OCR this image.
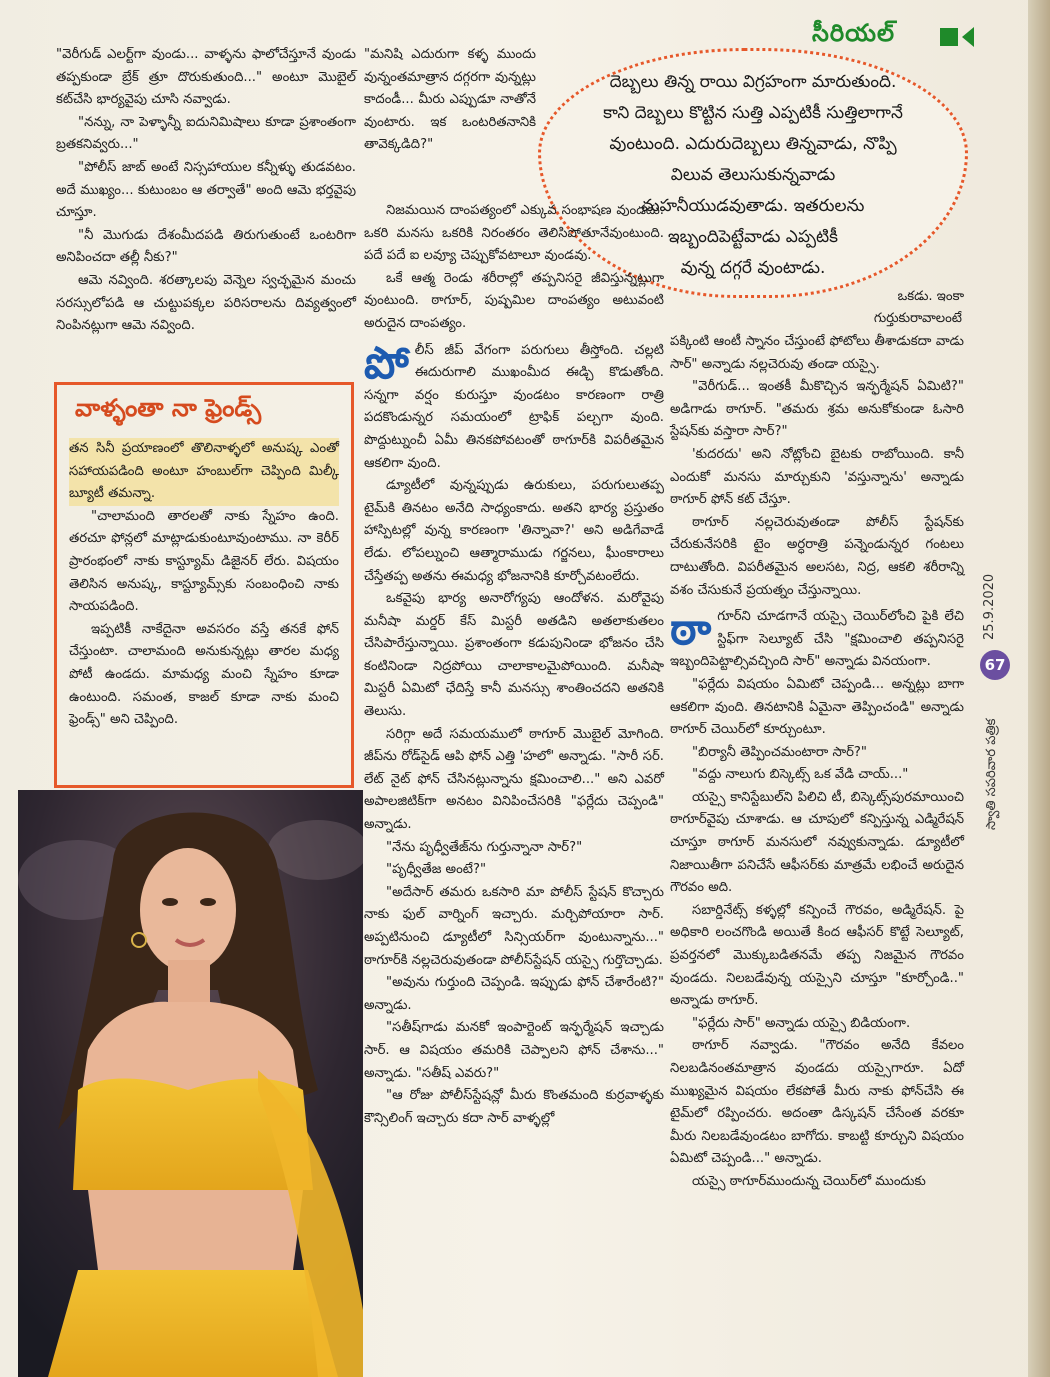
సీరియల్

"వెరీగుడ్ ఎలర్ట్‌గా వుండు... వాళ్ళను ఫాలోచేస్తూనే వుండు తప్పకుండా బ్రేక్ త్రూ దొరుకుతుంది..." అంటూ మొబైల్ కట్‌చేసి భార్యవైపు చూసి నవ్వాడు.

"నన్ను, నా పెళ్ళాన్నీ ఐదునిమిషాలు కూడా ప్రశాంతంగా బ్రతకనివ్వరు..."

"పోలీస్ జాబ్ అంటే నిస్సహాయుల కన్నీళ్ళు తుడవటం. అదే ముఖ్యం... కుటుంబం ఆ తర్వాతే" అంది ఆమె భర్తవైపు చూస్తూ.

"నీ మొగుడు దేశంమీదపడి తిరుగుతుంటే ఒంటరిగా అనిపించదా తల్లీ నీకు?"

ఆమె నవ్వింది. శరత్కాలపు వెన్నెల స్వచ్ఛమైన మంచు సరస్సులోపడి ఆ చుట్టుపక్కల పరిసరాలను దివ్యత్వంలో నింపినట్లుగా ఆమె నవ్వింది.

వాళ్ళంతా నా ఫ్రెండ్స్

తన సినీ ప్రయాణంలో తొలినాళ్ళలో అనుష్క ఎంతో సహాయపడింది అంటూ హంబుల్‌గా చెప్పింది మిల్కీ బ్యూటీ తమన్నా.

"చాలామంది తారలతో నాకు స్నేహం ఉంది. తరచూ ఫోన్లలో మాట్లాడుకుంటూవుంటాము. నా కెరీర్ ప్రారంభంలో నాకు కాస్ట్యూమ్ డిజైనర్ లేరు. విషయం తెలిసిన అనుష్క, కాస్ట్యూమ్స్‌కు సంబంధించి నాకు సాయపడింది.

ఇప్పటికీ నాకేదైనా అవసరం వస్తే తనకే ఫోన్ చేస్తుంటా. చాలామంది అనుకున్నట్లు తారల మధ్య పోటీ ఉండదు. మామధ్య మంచి స్నేహం కూడా ఉంటుంది. సమంత, కాజల్ కూడా నాకు మంచి ఫ్రెండ్స్" అని చెప్పింది.

"మనిషి ఎదురుగా కళ్ళ ముందు వున్నంతమాత్రాన దగ్గరగా వున్నట్లు కాదండీ... మీరు ఎప్పుడూ నాతోనే వుంటారు. ఇక ఒంటరితనానికి తావెక్కడిది?"

దెబ్బలు తిన్న రాయి విగ్రహంగా మారుతుంది.
కాని దెబ్బలు కొట్టిన సుత్తి ఎప్పటికీ సుత్తిలాగానే
వుంటుంది. ఎదురుదెబ్బలు తిన్నవాడు, నొప్పి
విలువ తెలుసుకున్నవాడు
మహనీయుడవుతాడు. ఇతరులను
ఇబ్బందిపెట్టేవాడు ఎప్పటికీ
వున్న దగ్గరే వుంటాడు.

నిజమయిన దాంపత్యంలో ఎక్కువ సంభాషణ వుండదు. ఒకరి మనసు ఒకరికి నిరంతరం తెలిసిపోతూనేవుంటుంది. పదే పదే ఐ లవ్యూ చెప్పుకోవటాలూ వుండవు.

ఒకే ఆత్మ రెండు శరీరాల్లో తప్పనిసరై జీవిస్తున్నట్లుగా వుంటుంది. ఠాగూర్, పుష్పమిల దాంపత్యం అటువంటి అరుదైన దాంపత్యం.

పోలీస్ జీప్ వేగంగా పరుగులు తీస్తోంది. చల్లటి ఈదురుగాలి ముఖంమీద ఈడ్చి కొడుతోంది. సన్నగా వర్షం కురుస్తూ వుండటం కారణంగా రాత్రి పదకొండున్నర సమయంలో ట్రాఫిక్ పల్చగా వుంది. పొద్దుట్నుంచీ ఏమీ తినకపోవటంతో ఠాగూర్‌కి విపరీతమైన ఆకలిగా వుంది.

డ్యూటీలో వున్నప్పుడు ఉరుకులు, పరుగులుతప్ప టైమ్‌కి తినటం అనేది సాధ్యంకాదు. అతని భార్య ప్రస్తుతం హాస్పిటల్లో వున్న కారణంగా 'తిన్నావా?' అని అడిగేవాడే లేడు. లోపల్నుంచి ఆత్మారాముడు గర్జనలు, ఘీంకారాలు చేస్తేతప్ప అతను ఈమధ్య భోజనానికి కూర్చోవటంలేదు.

ఒకవైపు భార్య అనారోగ్యపు ఆందోళన. మరోవైపు మనీషా మర్డర్ కేస్ మిస్టరీ అతడిని అతలాకుతలం చేసిపారేస్తున్నాయి. ప్రశాంతంగా కడుపునిండా భోజనం చేసి కంటినిండా నిద్రపోయి చాలాకాలమైపోయింది. మనీషా మిస్టరీ ఏమిటో ఛేదిస్తే కానీ మనస్సు శాంతించదని అతనికి తెలుసు.

సరిగ్గా అదే సమయములో ఠాగూర్ మొబైల్ మోగింది. జీప్‌ను రోడ్‌సైడ్ ఆపి ఫోన్ ఎత్తి 'హలో' అన్నాడు. "సారీ సర్. లేట్ నైట్ ఫోన్ చేసినట్లున్నాను క్షమించాలి..." అని ఎవరో అపాలజిటిక్‌గా అనటం వినిపించేసరికి "ఫర్లేదు చెప్పండి" అన్నాడు.

"నేను పృధ్వీతేజ్‌ను గుర్తున్నానా సార్?"

"పృధ్వీతేజ అంటే?"

"అదేసార్ తమరు ఒకసారి మా పోలీస్ స్టేషన్ కొచ్చారు నాకు ఫుల్ వార్నింగ్ ఇచ్చారు. మర్చిపోయారా సార్. అప్పటినుంచి డ్యూటీలో సిన్సియర్‌గా వుంటున్నాను..." ఠాగూర్‌కి నల్లచెరువుతండా పోలీస్‌స్టేషన్ యస్సై గుర్తొచ్చాడు.

"అవును గుర్తుంది చెప్పండి. ఇప్పుడు ఫోన్ చేశారేంటి?" అన్నాడు.

"సతీష్‌గాడు మనకో ఇంపార్టెంట్ ఇన్ఫర్మేషన్ ఇచ్చాడు సార్. ఆ విషయం తమరికి చెప్పాలని ఫోన్ చేశాను..." అన్నాడు. "సతీష్ ఎవరు?"

"ఆ రోజు పోలీస్‌స్టేషన్లో మీరు కొంతమంది కుర్రవాళ్ళకు కౌన్సిలింగ్ ఇచ్చారు కదా సార్ వాళ్ళల్లో

ఒకడు. ఇంకా
గుర్తుకురావాలంటే

పక్కింటి ఆంటీ స్నానం చేస్తుంటే ఫోటోలు తీశాడుకదా వాడు సార్" అన్నాడు నల్లచెరువు తండా యస్సై.

"వెరీగుడ్... ఇంతకీ మీకొచ్చిన ఇన్ఫర్మేషన్ ఏమిటి?" అడిగాడు ఠాగూర్. "తమరు శ్రమ అనుకోకుండా ఓసారి స్టేషన్‌కు వస్తారా సార్?"

'కుదరదు' అని నోట్లోంచి బైటకు రాబోయింది. కానీ ఎందుకో మనసు మార్చుకుని 'వస్తున్నాను' అన్నాడు ఠాగూర్ ఫోన్ కట్ చేస్తూ.

ఠాగూర్ నల్లచెరువుతండా పోలీస్ స్టేషన్‌కు చేరుకునేసరికి టైం అర్ధరాత్రి పన్నెండున్నర గంటలు దాటుతోంది. విపరీతమైన అలసట, నిద్ర, ఆకలి శరీరాన్ని వశం చేసుకునే ప్రయత్నం చేస్తున్నాయి.

ఠాగూర్‌ని చూడగానే యస్సై చెయిర్‌లోంచి పైకి లేచి స్టిఫ్‌గా సెల్యూట్ చేసి "క్షమించాలి తప్పనిసరై ఇబ్బందిపెట్టాల్సివచ్చింది సార్" అన్నాడు వినయంగా.

"ఫర్లేదు విషయం ఏమిటో చెప్పండి... అన్నట్లు బాగా ఆకలిగా వుంది. తినటానికి ఏమైనా తెప్పించండి" అన్నాడు ఠాగూర్ చెయిర్‌లో కూర్చుంటూ.

"బిర్యానీ తెప్పించమంటారా సార్?"

"వద్దు నాలుగు బిస్కెట్స్ ఒక వేడి చాయ్..."

యస్సై కానిస్టేబుల్‌ని పిలిచి టీ, బిస్కెట్స్‌పురమాయించి ఠాగూర్‌వైపు చూశాడు. ఆ చూపులో కన్పిస్తున్న ఎడ్మిరేషన్ చూస్తూ ఠాగూర్ మనసులో నవ్వుకున్నాడు. డ్యూటీలో నిజాయితీగా పనిచేసే ఆఫీసర్‌కు మాత్రమే లభించే అరుదైన గౌరవం అది.

సబార్డినేట్స్ కళ్ళల్లో కన్పించే గౌరవం, అడ్మిరేషన్. పై అధికారి లంచగొండి అయితే కింద ఆఫీసర్ కొట్టే సెల్యూట్, ప్రవర్తనలో మొక్కుబడితనమే తప్ప నిజమైన గౌరవం వుండదు. నిలబడేవున్న యస్సైని చూస్తూ "కూర్చోండి.." అన్నాడు ఠాగూర్.

"ఫర్లేదు సార్" అన్నాడు యస్సై బిడియంగా.

ఠాగూర్ నవ్వాడు. "గౌరవం అనేది కేవలం నిలబడినంతమాత్రాన వుండదు యస్సైగారూ. ఏదో ముఖ్యమైన విషయం లేకపోతే మీరు నాకు ఫోన్‌చేసి ఈ టైమ్‌లో రప్పించరు. అదంతా డిస్కషన్ చేసేంత వరకూ మీరు నిలబడేవుండటం బాగోదు. కాబట్టి కూర్చుని విషయం ఏమిటో చెప్పండి..." అన్నాడు.

యస్సై ఠాగూర్‌ముందున్న చెయిర్‌లో ముందుకు

25.9.2020
67
స్వాతి సపరివార పత్రిక
